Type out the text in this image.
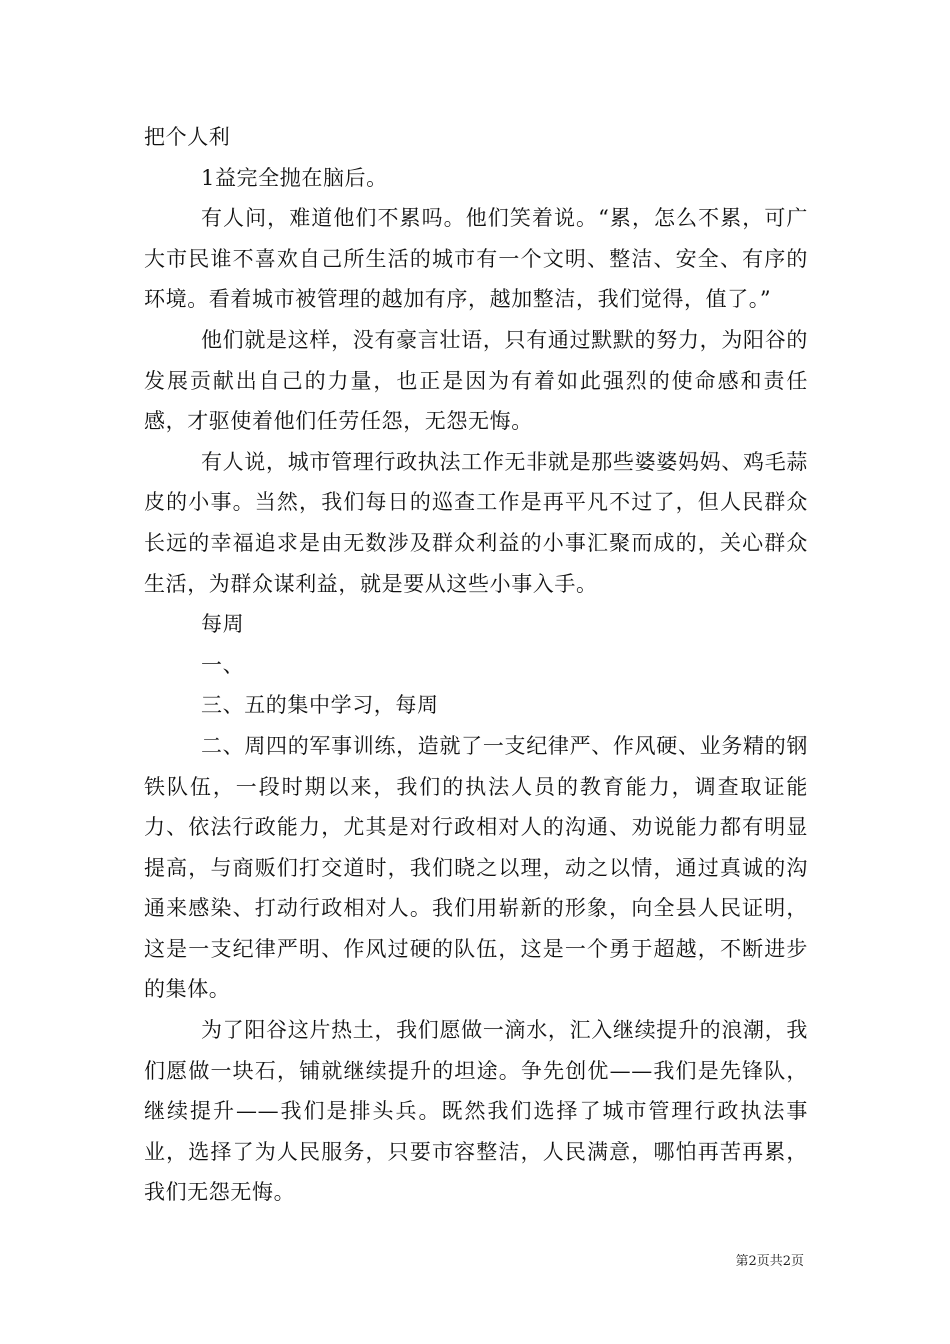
把个人利

1益完全抛在脑后。

有人问，难道他们不累吗。他们笑着说。“累，怎么不累，可广大市民谁不喜欢自己所生活的城市有一个文明、整洁、安全、有序的环境。看着城市被管理的越加有序，越加整洁，我们觉得，值了。”

他们就是这样，没有豪言壮语，只有通过默默的努力，为阳谷的发展贡献出自己的力量，也正是因为有着如此强烈的使命感和责任感，才驱使着他们任劳任怨，无怨无悔。

有人说，城市管理行政执法工作无非就是那些婆婆妈妈、鸡毛蒜皮的小事。当然，我们每日的巡查工作是再平凡不过了，但人民群众长远的幸福追求是由无数涉及群众利益的小事汇聚而成的，关心群众生活，为群众谋利益，就是要从这些小事入手。

每周

一、

三、五的集中学习，每周

二、周四的军事训练，造就了一支纪律严、作风硬、业务精的钢铁队伍，一段时期以来，我们的执法人员的教育能力，调查取证能力、依法行政能力，尤其是对行政相对人的沟通、劝说能力都有明显提高，与商贩们打交道时，我们晓之以理，动之以情，通过真诚的沟通来感染、打动行政相对人。我们用崭新的形象，向全县人民证明，这是一支纪律严明、作风过硬的队伍，这是一个勇于超越，不断进步的集体。

为了阳谷这片热土，我们愿做一滴水，汇入继续提升的浪潮，我们愿做一块石，铺就继续提升的坦途。争先创优——我们是先锋队，继续提升——我们是排头兵。既然我们选择了城市管理行政执法事业，选择了为人民服务，只要市容整洁，人民满意，哪怕再苦再累，我们无怨无悔。

第2页共2页
